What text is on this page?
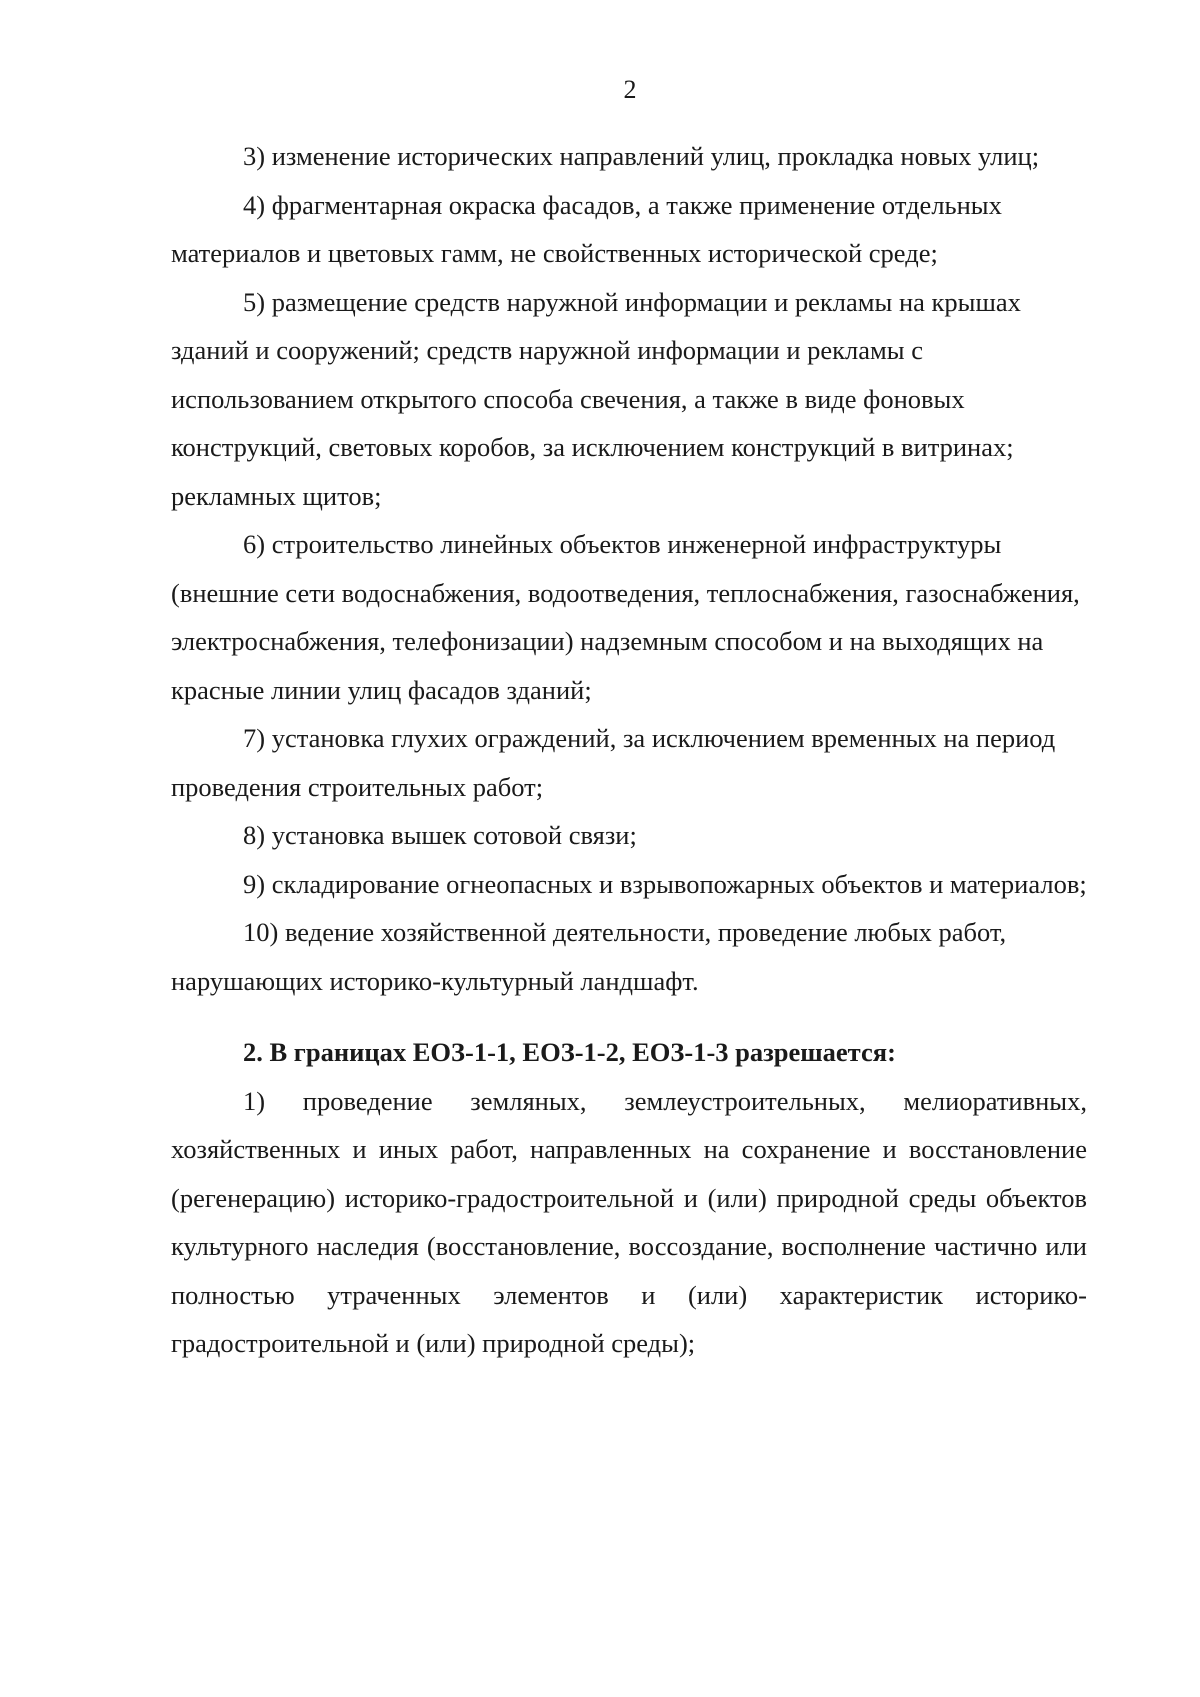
2

3) изменение исторических направлений улиц, прокладка новых улиц;

4) фрагментарная окраска фасадов, а также применение отдельных материалов и цветовых гамм, не свойственных исторической среде;

5) размещение средств наружной информации и рекламы на крышах зданий и сооружений; средств наружной информации и рекламы с использованием открытого способа свечения, а также в виде фоновых конструкций, световых коробов, за исключением конструкций в витринах; рекламных щитов;

6) строительство линейных объектов инженерной инфраструктуры (внешние сети водоснабжения, водоотведения, теплоснабжения, газоснабжения, электроснабжения, телефонизации) надземным способом и на выходящих на красные линии улиц фасадов зданий;

7) установка глухих ограждений, за исключением временных на период

проведения строительных работ;

8) установка вышек сотовой связи;

9) складирование огнеопасных и взрывопожарных объектов и материалов;

10) ведение хозяйственной деятельности, проведение любых работ, нарушающих историко-культурный ландшафт.

2. В границах ЕОЗ-1-1, ЕОЗ-1-2, ЕОЗ-1-3 разрешается:

1) проведение земляных, землеустроительных, мелиоративных, хозяйственных и иных работ, направленных на сохранение и восстановление (регенерацию) историко-градостроительной и (или) природной среды объектов культурного наследия (восстановление, воссоздание, восполнение частично или полностью утраченных элементов и (или) характеристик историко-градостроительной и (или) природной среды);
